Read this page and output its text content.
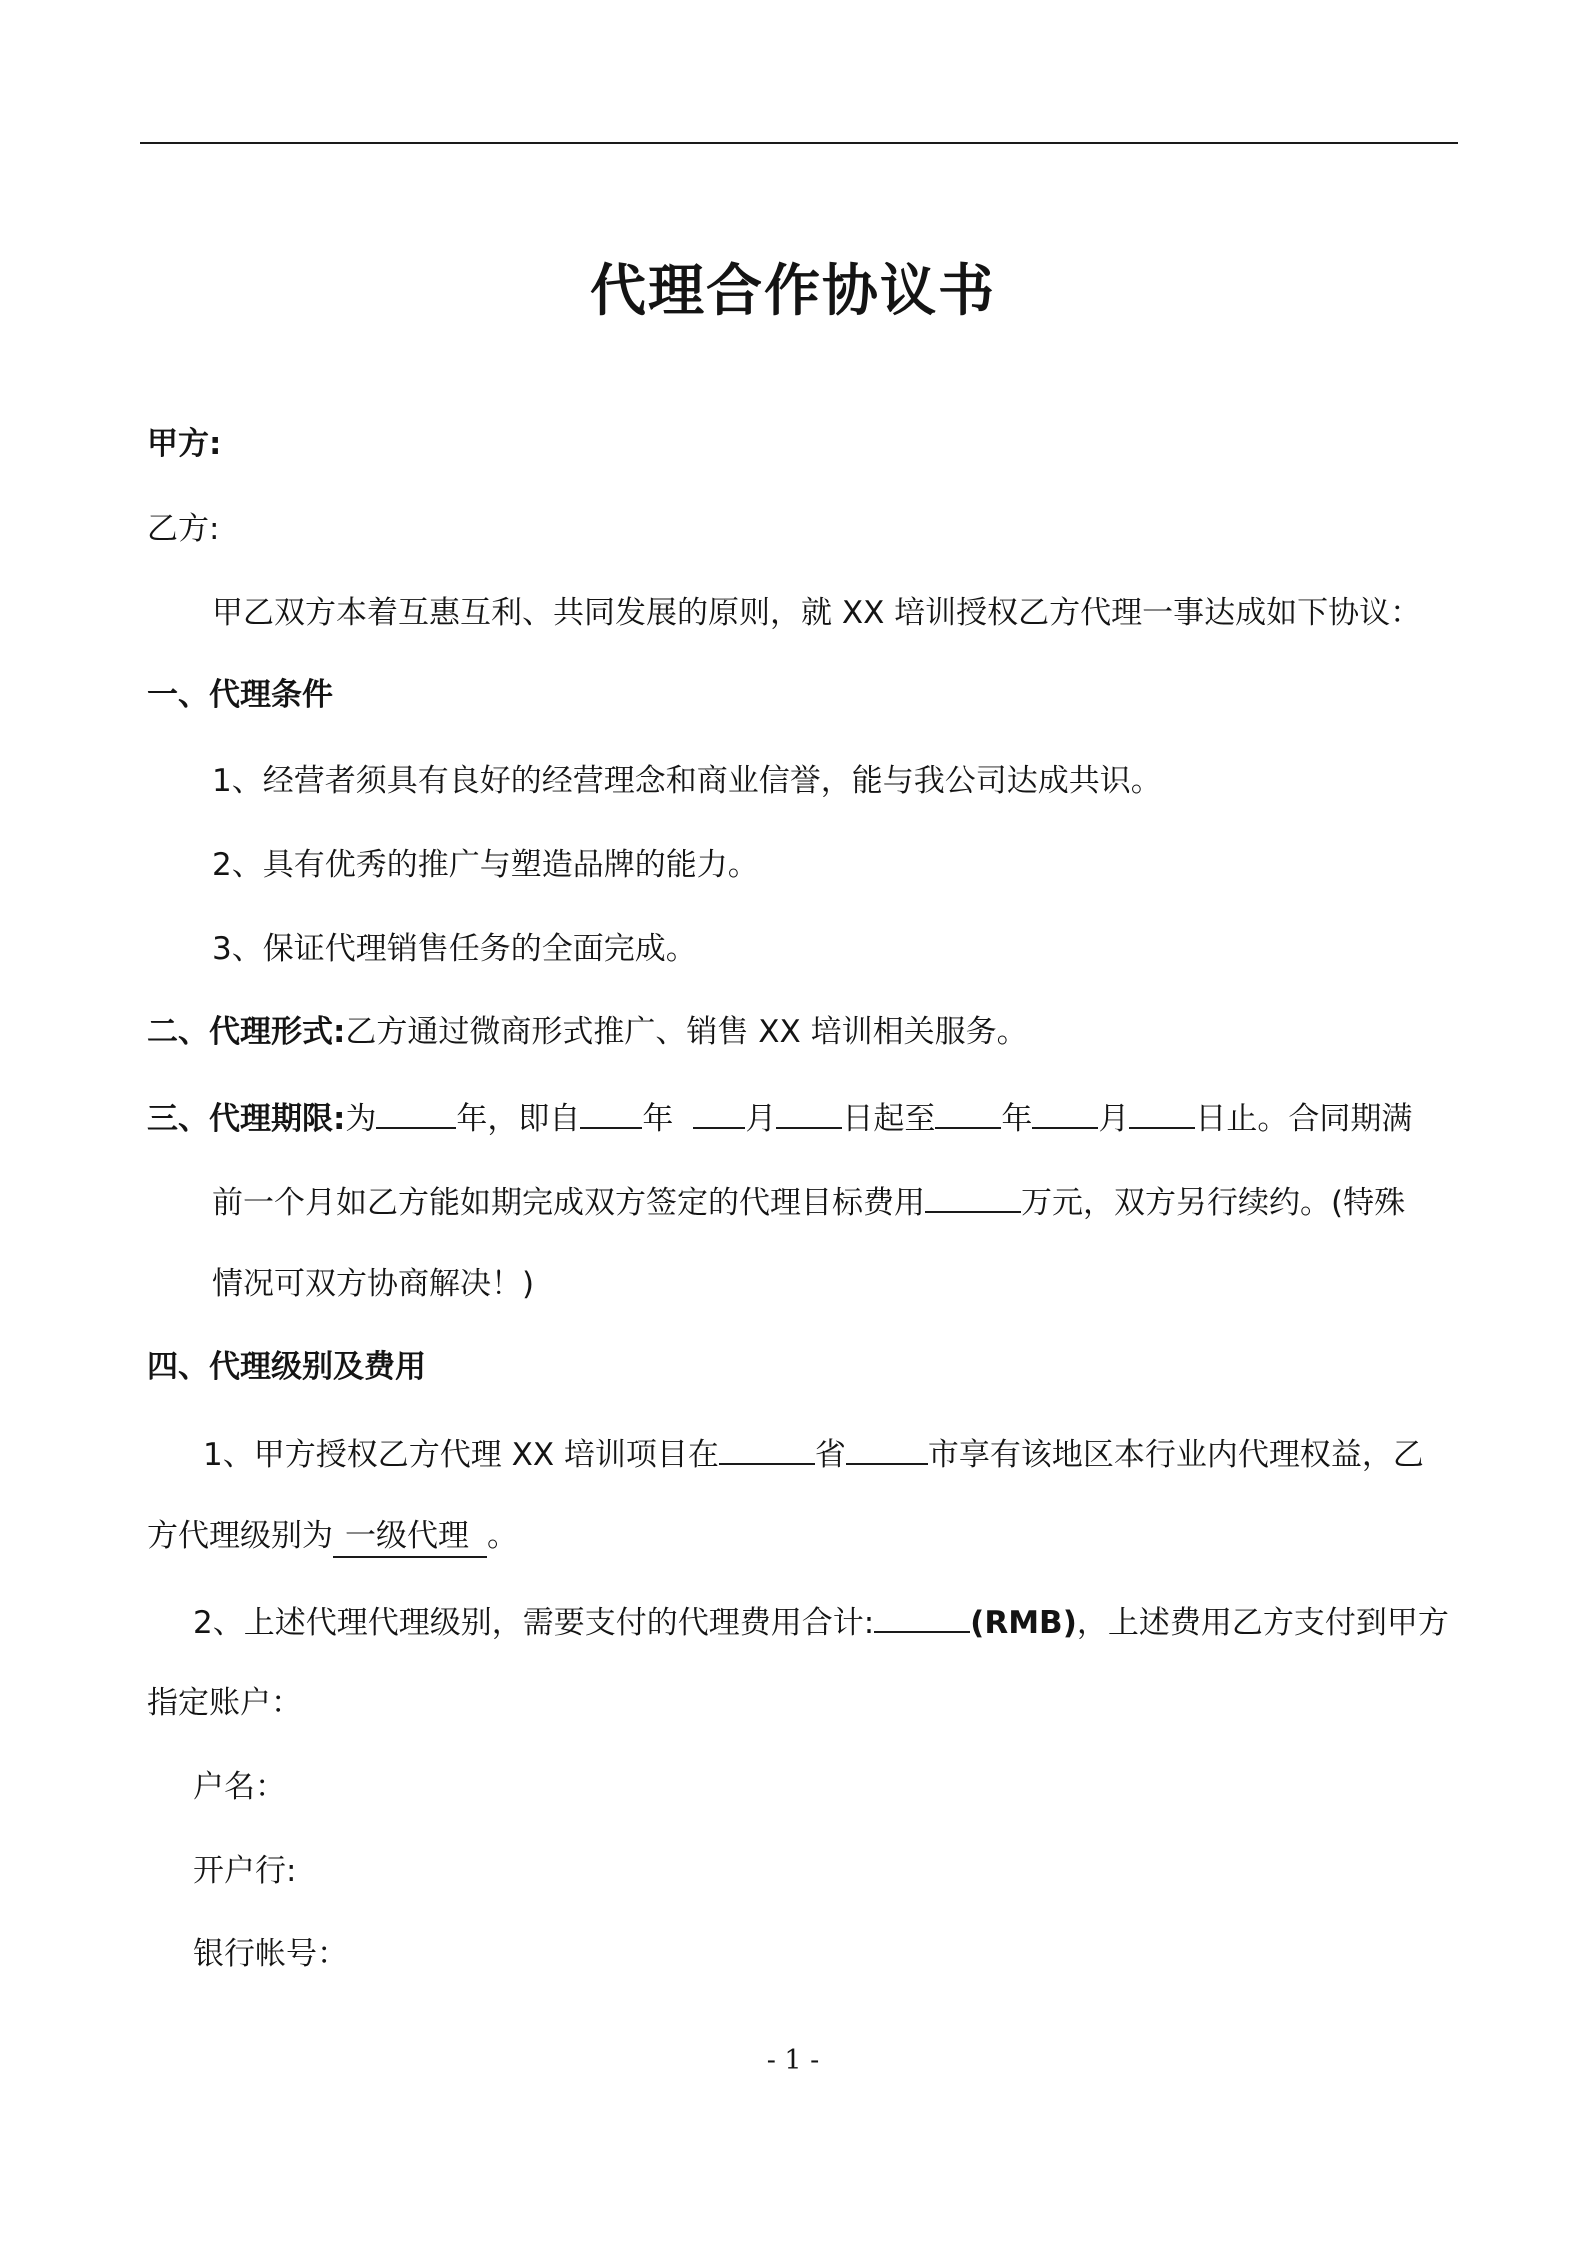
代理合作协议书
甲方:
乙方:
甲乙双方本着互惠互利、共同发展的原则，就 XX 培训授权乙方代理一事达成如下协议：
一、代理条件
1、经营者须具有良好的经营理念和商业信誉，能与我公司达成共识。
2、具有优秀的推广与塑造品牌的能力。
3、保证代理销售任务的全面完成。
二、代理形式:乙方通过微商形式推广、销售 XX 培训相关服务。
三、代理期限:为	年，即自 年 月 日起至 年 月 日止。合同期满
前一个月如乙方能如期完成双方签定的代理目标费用	万元，双方另行续约。(特殊
情况可双方协商解决！)
四、代理级别及费用
1、甲方授权乙方代理 XX 培训项目在	省	市享有该地区本行业内代理权益，乙
方代理级别为 一级代理 。
2、上述代理代理级别，需要支付的代理费用合计:	(RMB)，上述费用乙方支付到甲方
指定账户：
户名：
开户行:
银行帐号：
- 1 -
